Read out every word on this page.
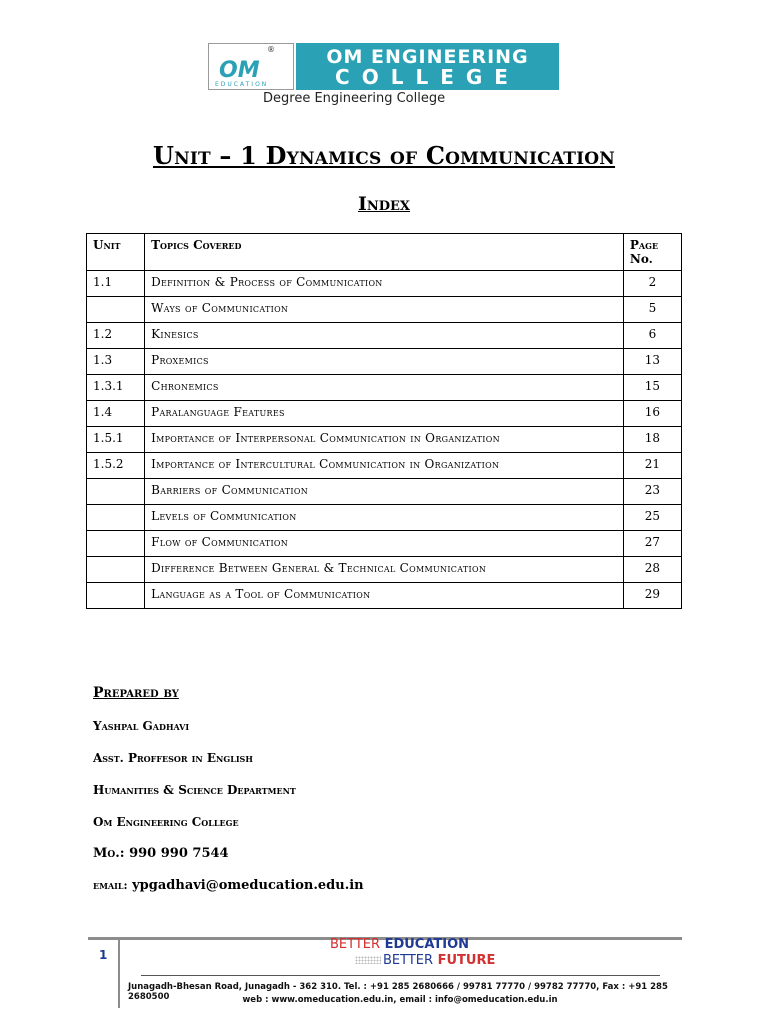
®
OM
EDUCATION
OM ENGINEERING
COLLEGE
Degree Engineering College
Unit – 1 Dynamics of Communication
Index
Unit	Topics Covered	Page
No.
1.1	Definition & Process of Communication	2
	Ways of Communication	5
1.2	Kinesics	6
1.3	Proxemics	13
1.3.1	Chronemics	15
1.4	Paralanguage Features	16
1.5.1	Importance of Interpersonal Communication in Organization	18
1.5.2	Importance of Intercultural Communication in Organization	21
	Barriers of Communication	23
	Levels of Communication	25
	Flow of Communication	27
	Difference Between General & Technical Communication	28
	Language as a Tool of Communication	29
Prepared by
Yashpal Gadhavi
Asst. Proffesor in English
Humanities & Science Department
Om Engineering College
Mo.: 990 990 7544
email: ypgadhavi@omeducation.edu.in
1
BETTER EDUCATION
BETTER FUTURE
Junagadh-Bhesan Road, Junagadh - 362 310. Tel. : +91 285 2680666 / 99781 77770 / 99782 77770, Fax : +91 285 2680500	web : www.omeducation.edu.in, email : info@omeducation.edu.in
